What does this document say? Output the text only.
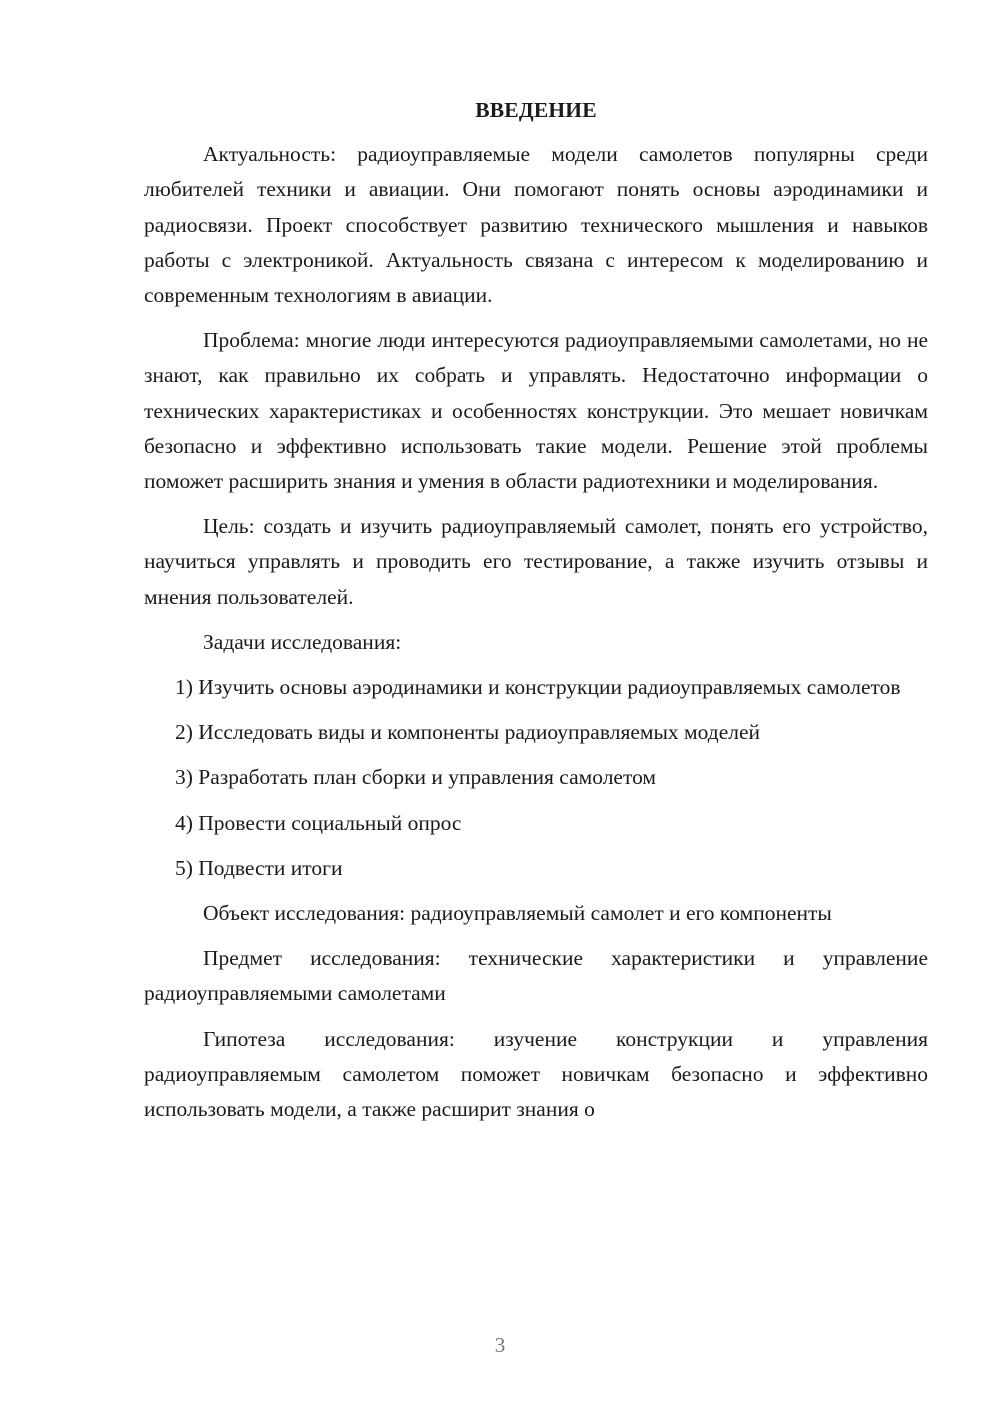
ВВЕДЕНИЕ

Актуальность: радиоуправляемые модели самолетов популярны среди любителей техники и авиации. Они помогают понять основы аэродинамики и радиосвязи. Проект способствует развитию технического мышления и навыков работы с электроникой. Актуальность связана с интересом к моделированию и современным технологиям в авиации.

Проблема: многие люди интересуются радиоуправляемыми самолетами, но не знают, как правильно их собрать и управлять. Недостаточно информации о технических характеристиках и особенностях конструкции. Это мешает новичкам безопасно и эффективно использовать такие модели. Решение этой проблемы поможет расширить знания и умения в области радиотехники и моделирования.

Цель: создать и изучить радиоуправляемый самолет, понять его устройство, научиться управлять и проводить его тестирование, а также изучить отзывы и мнения пользователей.

Задачи исследования:

1) Изучить основы аэродинамики и конструкции радиоуправляемых самолетов

2) Исследовать виды и компоненты радиоуправляемых моделей

3) Разработать план сборки и управления самолетом

4) Провести социальный опрос

5) Подвести итоги

Объект исследования: радиоуправляемый самолет и его компоненты

Предмет исследования: технические характеристики и управление радиоуправляемыми самолетами

Гипотеза исследования: изучение конструкции и управления радиоуправляемым самолетом поможет новичкам безопасно и эффективно использовать модели, а также расширит знания о

3
